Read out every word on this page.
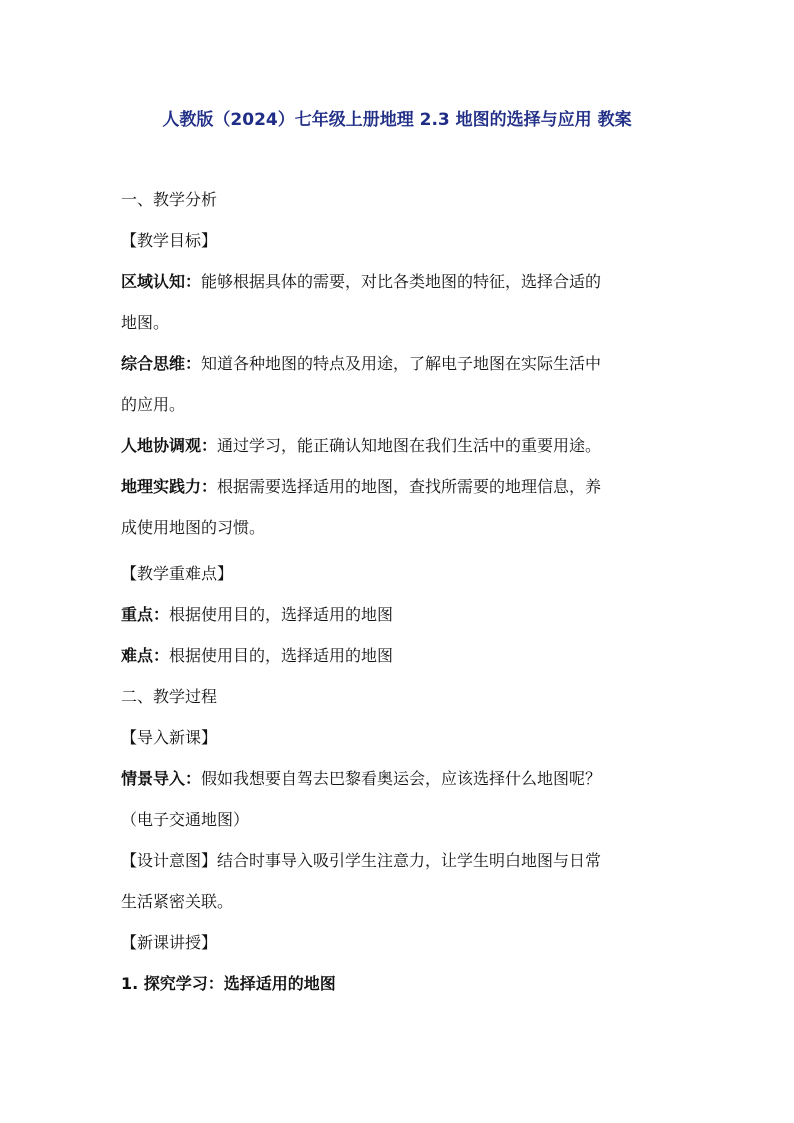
人教版（2024）七年级上册地理 2.3 地图的选择与应用 教案
一、教学分析
【教学目标】
区域认知：能够根据具体的需要，对比各类地图的特征，选择合适的
地图。
综合思维：知道各种地图的特点及用途，了解电子地图在实际生活中
的应用。
人地协调观：通过学习，能正确认知地图在我们生活中的重要用途。
地理实践力：根据需要选择适用的地图，查找所需要的地理信息，养
成使用地图的习惯。
【教学重难点】
重点：根据使用目的，选择适用的地图
难点：根据使用目的，选择适用的地图
二、教学过程
【导入新课】
情景导入：假如我想要自驾去巴黎看奥运会，应该选择什么地图呢？
（电子交通地图）
【设计意图】结合时事导入吸引学生注意力，让学生明白地图与日常
生活紧密关联。
【新课讲授】
1. 探究学习：选择适用的地图
